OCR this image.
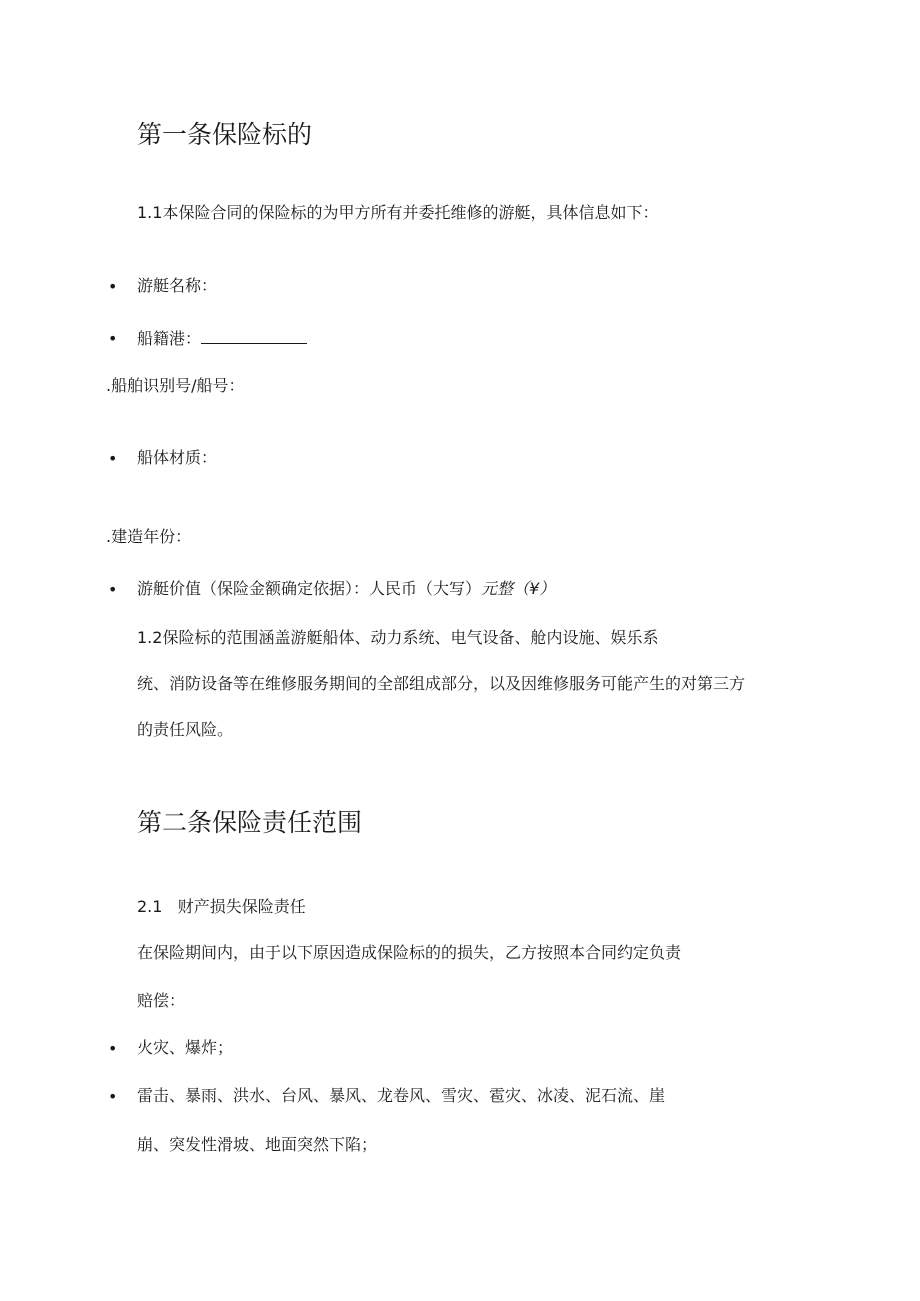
第一条保险标的

1.1本保险合同的保险标的为甲方所有并委托维修的游艇，具体信息如下：

• 游艇名称：

• 船籍港：

.船舶识别号/船号：

• 船体材质：

.建造年份：

• 游艇价值（保险金额确定依据）：人民币（大写）元整（¥）

1.2保险标的范围涵盖游艇船体、动力系统、电气设备、舱内设施、娱乐系

统、消防设备等在维修服务期间的全部组成部分，以及因维修服务可能产生的对第三方

的责任风险。

第二条保险责任范围

2.1   财产损失保险责任

在保险期间内，由于以下原因造成保险标的的损失，乙方按照本合同约定负责

赔偿：

• 火灾、爆炸；

• 雷击、暴雨、洪水、台风、暴风、龙卷风、雪灾、雹灾、冰凌、泥石流、崖

崩、突发性滑坡、地面突然下陷；
